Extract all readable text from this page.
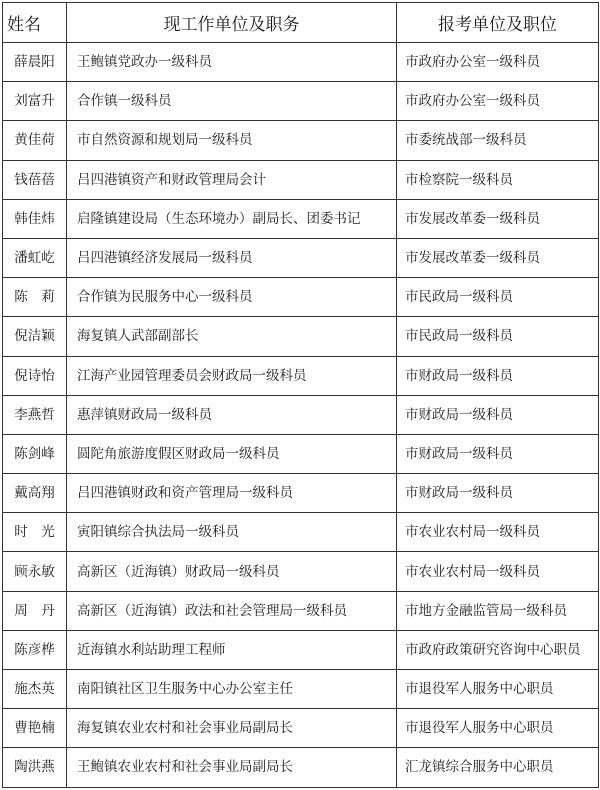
姓名	现工作单位及职务	报考单位及职位
薛晨阳	王鲍镇党政办一级科员	市政府办公室一级科员
刘富升	合作镇一级科员	市政府办公室一级科员
黄佳荷	市自然资源和规划局一级科员	市委统战部一级科员
钱蓓蓓	吕四港镇资产和财政管理局会计	市检察院一级科员
韩佳炜	启隆镇建设局（生态环境办）副局长、团委书记	市发展改革委一级科员
潘虹屹	吕四港镇经济发展局一级科员	市发展改革委一级科员
陈　莉	合作镇为民服务中心一级科员	市民政局一级科员
倪洁颖	海复镇人武部副部长	市民政局一级科员
倪诗怡	江海产业园管理委员会财政局一级科员	市财政局一级科员
李燕哲	惠萍镇财政局一级科员	市财政局一级科员
陈剑峰	圆陀角旅游度假区财政局一级科员	市财政局一级科员
戴高翔	吕四港镇财政和资产管理局一级科员	市财政局一级科员
时　光	寅阳镇综合执法局一级科员	市农业农村局一级科员
顾永敏	高新区（近海镇）财政局一级科员	市农业农村局一级科员
周　丹	高新区（近海镇）政法和社会管理局一级科员	市地方金融监管局一级科员
陈彦桦	近海镇水利站助理工程师	市政府政策研究咨询中心职员
施杰英	南阳镇社区卫生服务中心办公室主任	市退役军人服务中心职员
曹艳楠	海复镇农业农村和社会事业局副局长	市退役军人服务中心职员
陶洪燕	王鲍镇农业农村和社会事业局副局长	汇龙镇综合服务中心职员
